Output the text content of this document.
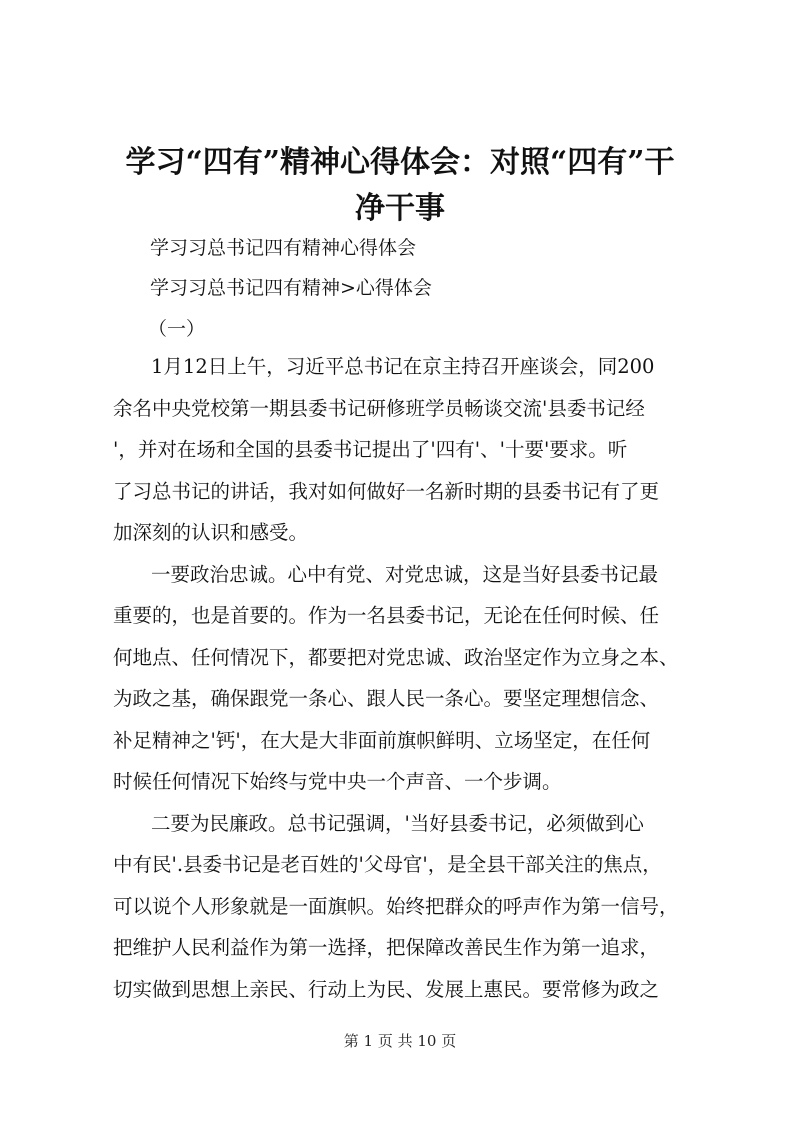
学习“四有”精神心得体会：对照“四有”干
净干事

学习习总书记四有精神心得体会

学习习总书记四有精神>心得体会

（一）

1月12日上午，习近平总书记在京主持召开座谈会，同200
余名中央党校第一期县委书记研修班学员畅谈交流'县委书记经
'，并对在场和全国的县委书记提出了'四有'、'十要'要求。听
了习总书记的讲话，我对如何做好一名新时期的县委书记有了更
加深刻的认识和感受。

一要政治忠诚。心中有党、对党忠诚，这是当好县委书记最
重要的，也是首要的。作为一名县委书记，无论在任何时候、任
何地点、任何情况下，都要把对党忠诚、政治坚定作为立身之本、
为政之基，确保跟党一条心、跟人民一条心。要坚定理想信念、
补足精神之'钙'，在大是大非面前旗帜鲜明、立场坚定，在任何
时候任何情况下始终与党中央一个声音、一个步调。

二要为民廉政。总书记强调，'当好县委书记，必须做到心
中有民'.县委书记是老百姓的'父母官'，是全县干部关注的焦点，
可以说个人形象就是一面旗帜。始终把群众的呼声作为第一信号，
把维护人民利益作为第一选择，把保障改善民生作为第一追求，
切实做到思想上亲民、行动上为民、发展上惠民。要常修为政之

第 1 页 共 10 页
